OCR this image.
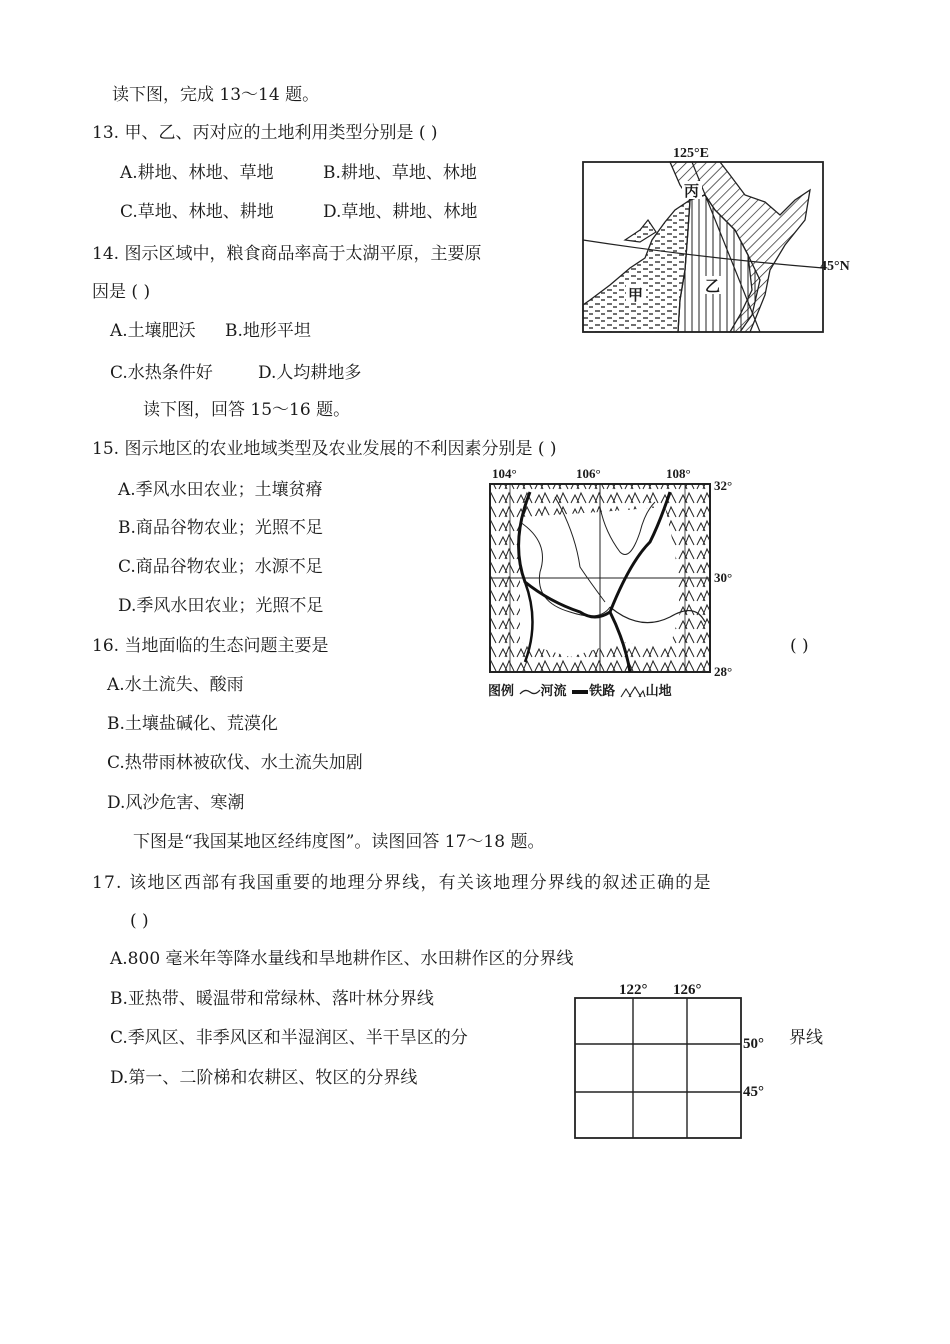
读下图，完成 13～14 题。
13. 甲、乙、丙对应的土地利用类型分别是 ( )
A.耕地、林地、草地	B.耕地、草地、林地
C.草地、林地、耕地	D.草地、耕地、林地
14. 图示区域中，粮食商品率高于太湖平原，主要原
因是 ( )
A.土壤肥沃 B.地形平坦
C.水热条件好	D.人均耕地多
125°E
45°N
丙
乙
甲
读下图，回答 15～16 题。
15. 图示地区的农业地域类型及农业发展的不利因素分别是 ( )
A.季风水田农业；土壤贫瘠
B.商品谷物农业；光照不足
C.商品谷物农业；水源不足
D.季风水田农业；光照不足
104°	106°	108°
32°
30°
28°
图例 河流 铁路 山地
16. 当地面临的生态问题主要是	( )
A.水土流失、酸雨
B.土壤盐碱化、荒漠化
C.热带雨林被砍伐、水土流失加剧
D.风沙危害、寒潮
下图是“我国某地区经纬度图”。读图回答 17～18 题。
17. 该地区西部有我国重要的地理分界线，有关该地理分界线的叙述正确的是
( )
A.800 毫米年等降水量线和旱地耕作区、水田耕作区的分界线
B.亚热带、暖温带和常绿林、落叶林分界线
C.季风区、非季风区和半湿润区、半干旱区的分	界线
D.第一、二阶梯和农耕区、牧区的分界线
122° 126°
50°
45°
